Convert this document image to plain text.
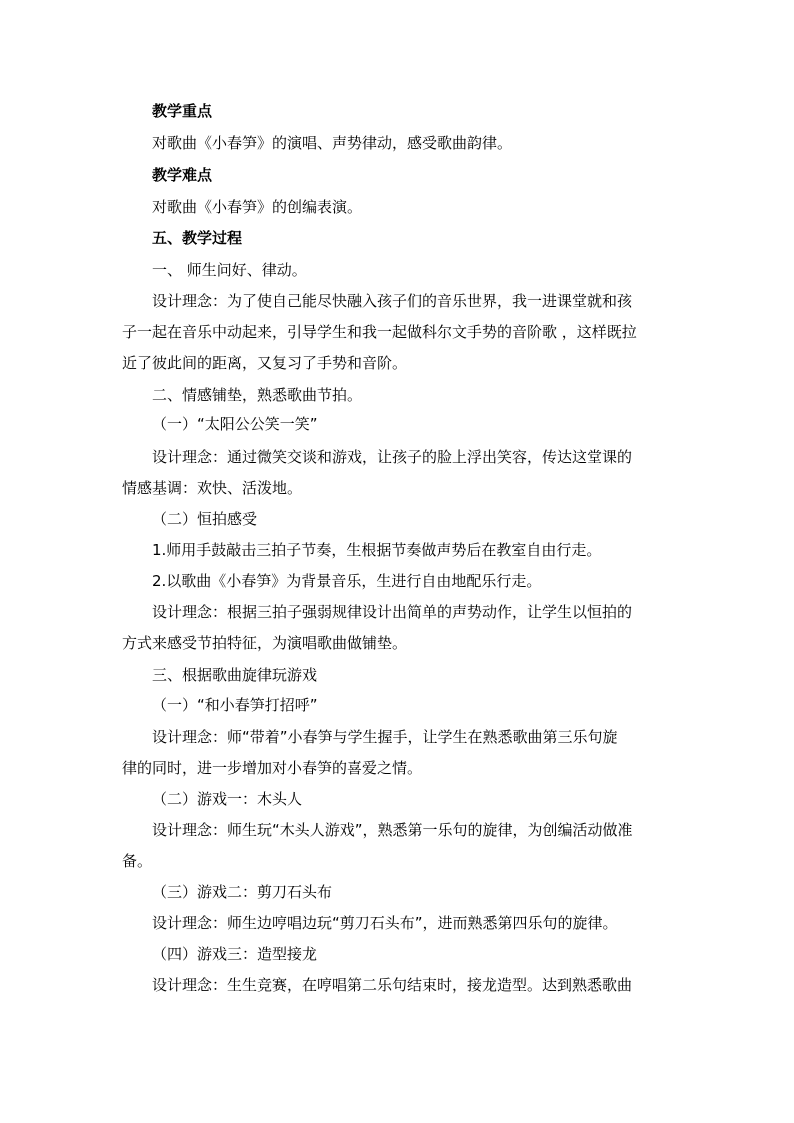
教学重点
对歌曲《小春笋》的演唱、声势律动，感受歌曲韵律。
教学难点
对歌曲《小春笋》的创编表演。
五、教学过程
一、 师生问好、律动。
设计理念：为了使自己能尽快融入孩子们的音乐世界，我一进课堂就和孩
子一起在音乐中动起来，引导学生和我一起做科尔文手势的音阶歌 ，这样既拉
近了彼此间的距离，又复习了手势和音阶。
二、情感铺垫，熟悉歌曲节拍。
（一）“太阳公公笑一笑”
设计理念：通过微笑交谈和游戏，让孩子的脸上浮出笑容，传达这堂课的
情感基调：欢快、活泼地。
（二）恒拍感受
1.师用手鼓敲击三拍子节奏，生根据节奏做声势后在教室自由行走。
2.以歌曲《小春笋》为背景音乐，生进行自由地配乐行走。
设计理念：根据三拍子强弱规律设计出简单的声势动作，让学生以恒拍的
方式来感受节拍特征，为演唱歌曲做铺垫。
三、根据歌曲旋律玩游戏
（一）“和小春笋打招呼”
设计理念：师“带着”小春笋与学生握手，让学生在熟悉歌曲第三乐句旋
律的同时，进一步增加对小春笋的喜爱之情。
（二）游戏一：木头人
设计理念：师生玩“木头人游戏”，熟悉第一乐句的旋律，为创编活动做准
备。
（三）游戏二：剪刀石头布
设计理念：师生边哼唱边玩“剪刀石头布”，进而熟悉第四乐句的旋律。
（四）游戏三：造型接龙
设计理念：生生竞赛，在哼唱第二乐句结束时，接龙造型。达到熟悉歌曲
